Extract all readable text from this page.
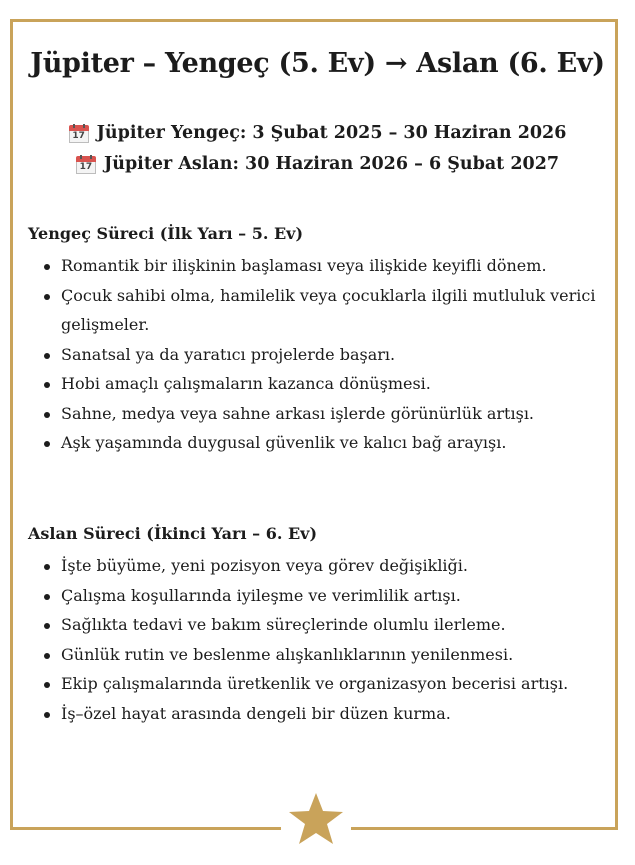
Jüpiter – Yengeç (5. Ev) → Aslan (6. Ev)
17 Jüpiter Yengeç: 3 Şubat 2025 – 30 Haziran 2026
17 Jüpiter Aslan: 30 Haziran 2026 – 6 Şubat 2027
Yengeç Süreci (İlk Yarı – 5. Ev)
Romantik bir ilişkinin başlaması veya ilişkide keyifli dönem.
Çocuk sahibi olma, hamilelik veya çocuklarla ilgili mutluluk verici gelişmeler.
Sanatsal ya da yaratıcı projelerde başarı.
Hobi amaçlı çalışmaların kazanca dönüşmesi.
Sahne, medya veya sahne arkası işlerde görünürlük artışı.
Aşk yaşamında duygusal güvenlik ve kalıcı bağ arayışı.
Aslan Süreci (İkinci Yarı – 6. Ev)
İşte büyüme, yeni pozisyon veya görev değişikliği.
Çalışma koşullarında iyileşme ve verimlilik artışı.
Sağlıkta tedavi ve bakım süreçlerinde olumlu ilerleme.
Günlük rutin ve beslenme alışkanlıklarının yenilenmesi.
Ekip çalışmalarında üretkenlik ve organizasyon becerisi artışı.
İş–özel hayat arasında dengeli bir düzen kurma.
